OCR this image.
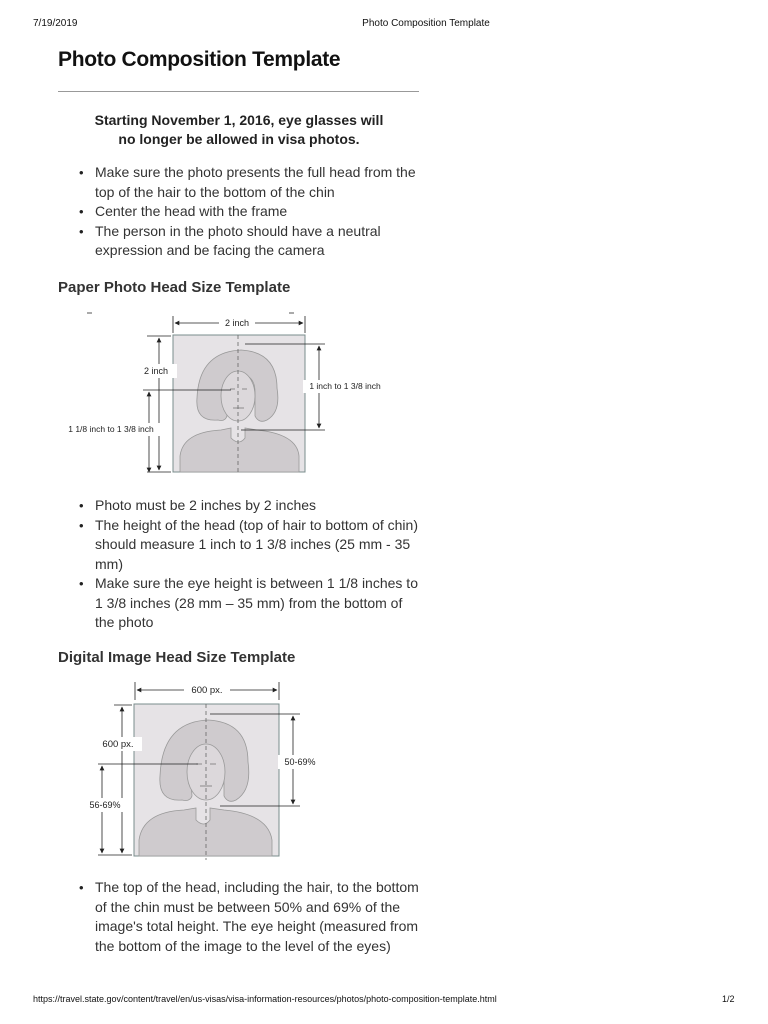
7/19/2019	Photo Composition Template
Photo Composition Template
Starting November 1, 2016, eye glasses will
no longer be allowed in visa photos.
• Make sure the photo presents the full head from the top of the hair to the bottom of the chin
• Center the head with the frame
• The person in the photo should have a neutral expression and be facing the camera
Paper Photo Head Size Template
2 inch
2 inch
1 1/8 inch to 1 3/8 inch
1 inch to 1 3/8 inch
• Photo must be 2 inches by 2 inches
• The height of the head (top of hair to bottom of chin) should measure 1 inch to 1 3/8 inches (25 mm - 35 mm)
• Make sure the eye height is between 1 1/8 inches to 1 3/8 inches (28 mm – 35 mm) from the bottom of the photo
Digital Image Head Size Template
600 px.
600 px.
56-69%
50-69%
• The top of the head, including the hair, to the bottom of the chin must be between 50% and 69% of the image's total height. The eye height (measured from the bottom of the image to the level of the eyes)
https://travel.state.gov/content/travel/en/us-visas/visa-information-resources/photos/photo-composition-template.html	1/2
